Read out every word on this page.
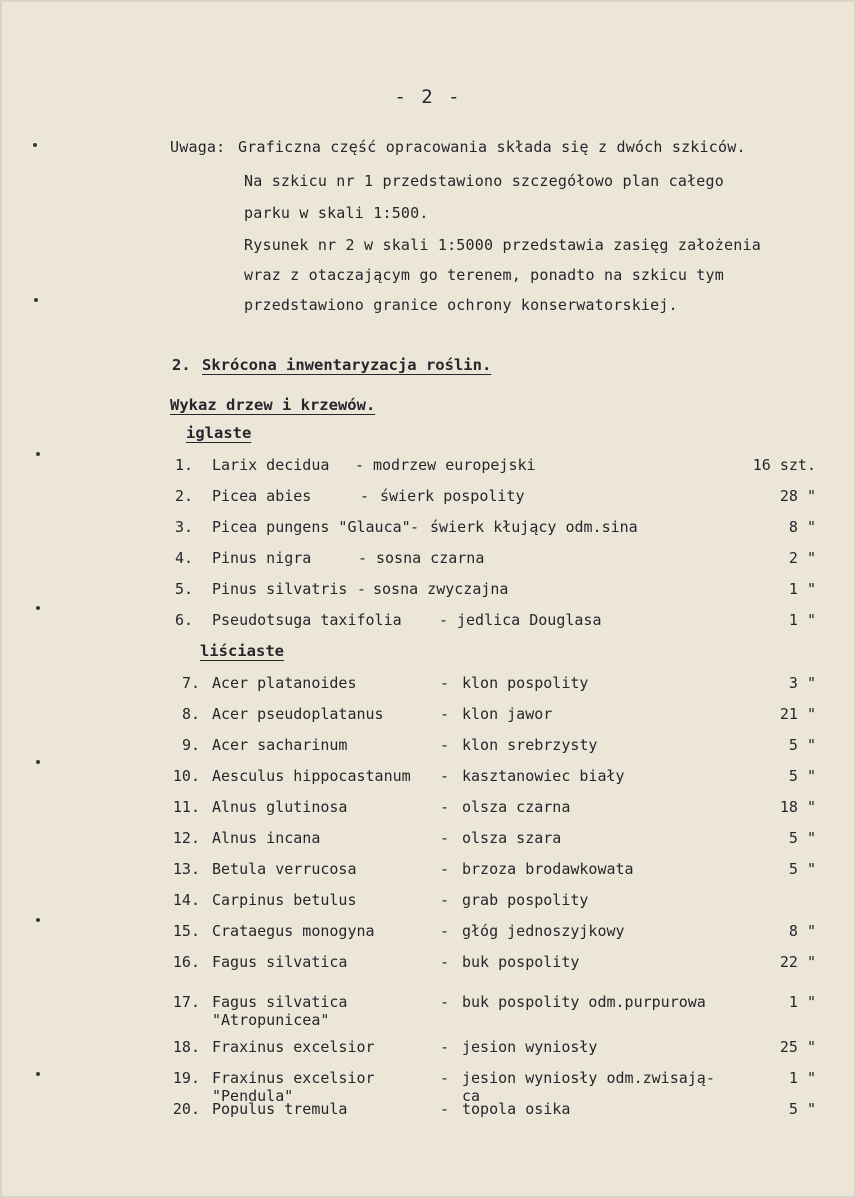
- 2 -
Uwaga: Graficzna część opracowania składa się z dwóch szkiców.
Na szkicu nr 1 przedstawiono szczegółowo plan całego
parku w skali 1:500.
Rysunek nr 2 w skali 1:5000 przedstawia zasięg założenia
wraz z otaczającym go terenem, ponadto na szkicu tym
przedstawiono granice ochrony konserwatorskiej.
2. Skrócona inwentaryzacja roślin.
Wykaz drzew i krzewów.
iglaste
1. Larix decidua - modrzew europejski	16 szt.
2. Picea abies	- świerk pospolity	28 "
3. Picea pungens "Glauca" - świerk kłujący odm.sina	8 "
4. Pinus nigra	- sosna czarna	2 "
5. Pinus silvatris - sosna zwyczajna	1 "
6. Pseudotsuga taxifolia - jedlica Douglasa	1 "
liściaste
7. Acer platanoides	- klon pospolity	3 "
8. Acer pseudoplatanus	- klon jawor	21 "
9. Acer sacharinum	- klon srebrzysty	5 "
10. Aesculus hippocastanum - kasztanowiec biały	5 "
11. Alnus glutinosa	- olsza czarna	18 "
12. Alnus incana	- olsza szara	5 "
13. Betula verrucosa	- brzoza brodawkowata	5 "
14. Carpinus betulus	- grab pospolity
15. Crataegus monogyna	- głóg jednoszyjkowy	8 "
16. Fagus silvatica	- buk pospolity	22 "
17. Fagus silvatica	- buk pospolity odm.purpurowa	1 "
"Atropunicea"
18. Fraxinus excelsior	- jesion wyniosły	25 "
19. Fraxinus excelsior	- jesion wyniosły odm.zwisają-	1 "
"Pendula"	ca
20. Populus tremula	- topola osika	5 "
